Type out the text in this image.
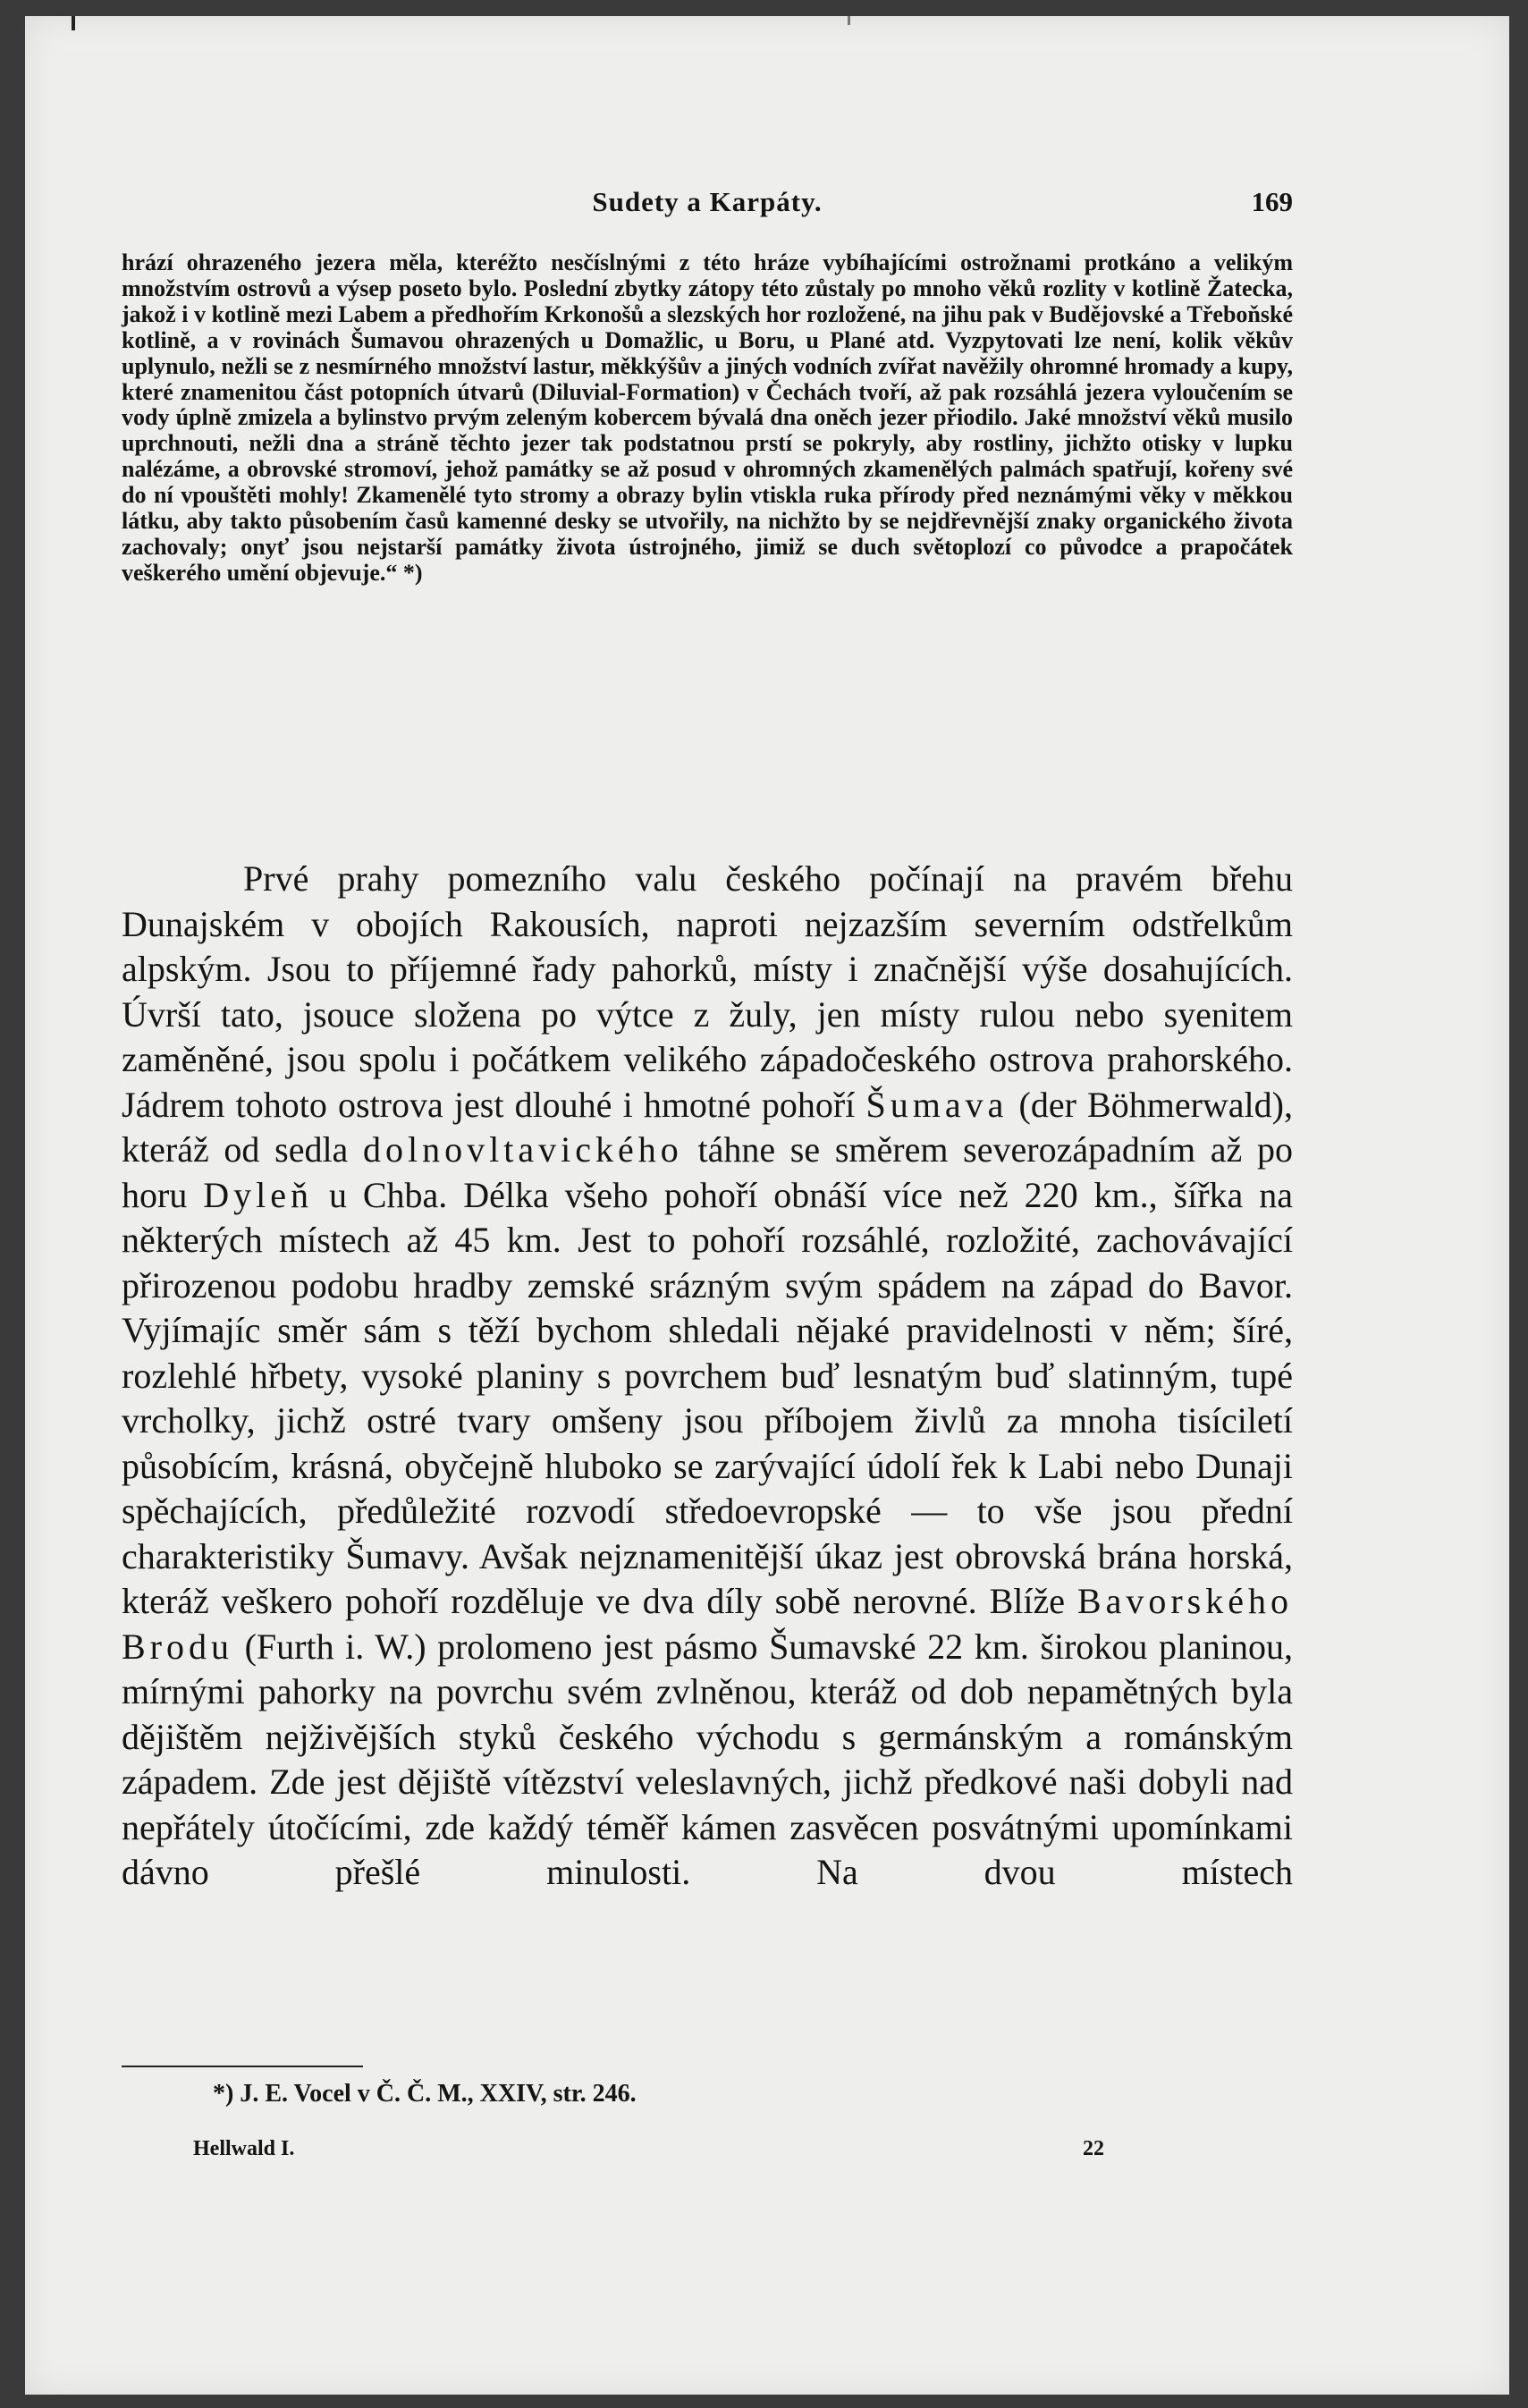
Sudety a Karpáty.	169

hrází ohrazeného jezera měla, kteréžto nesčíslnými z této hráze vybíhajícími ostrožnami protkáno a velikým množstvím ostrovů a výsep poseto bylo. Poslední zbytky zátopy této zůstaly po mnoho věků rozlity v kotlině Žatecka, jakož i v kotlině mezi Labem a předhořím Krkonošů a slezských hor rozložené, na jihu pak v Budějovské a Třeboňské kotlině, a v rovinách Šumavou ohrazených u Domažlic, u Boru, u Plané atd. Vyzpytovati lze není, kolik věkův uplynulo, nežli se z nesmírného množství lastur, měkkýšův a jiných vodních zvířat navěžily ohromné hromady a kupy, které znamenitou část potopních útvarů (Diluvial-Formation) v Čechách tvoří, až pak rozsáhlá jezera vyloučením se vody úplně zmizela a bylinstvo prvým zeleným kobercem bývalá dna oněch jezer přiodilo. Jaké množství věků musilo uprchnouti, nežli dna a stráně těchto jezer tak podstatnou prstí se pokryly, aby rostliny, jichžto otisky v lupku nalézáme, a obrovské stromoví, jehož památky se až posud v ohromných zkamenělých palmách spatřují, kořeny své do ní vpouštěti mohly! Zkamenělé tyto stromy a obrazy bylin vtiskla ruka přírody před neznámými věky v měkkou látku, aby takto působením časů kamenné desky se utvořily, na nichžto by se nejdřevnější znaky organického života zachovaly; onyť jsou nejstarší památky života ústrojného, jimiž se duch světoplozí co původce a prapočátek veškerého umění objevuje.“ *)

Prvé prahy pomezního valu českého počínají na pravém břehu Dunajském v obojích Rakousích, naproti nejzazším severním odstřelkům alpským. Jsou to příjemné řady pahorků, místy i značnější výše dosahujících. Úvrší tato, jsouce složena po výtce z žuly, jen místy rulou nebo syenitem zaměněné, jsou spolu i počátkem velikého západočeského ostrova prahorského. Jádrem tohoto ostrova jest dlouhé i hmotné pohoří Šumava (der Böhmerwald), kteráž od sedla dolnovltavického táhne se směrem severozápadním až po horu Dyleň u Chba. Délka všeho pohoří obnáší více než 220 km., šířka na některých místech až 45 km. Jest to pohoří rozsáhlé, rozložité, zachovávající přirozenou podobu hradby zemské srázným svým spádem na západ do Bavor. Vyjímajíc směr sám s těží bychom shledali nějaké pravidelnosti v něm; šíré, rozlehlé hřbety, vysoké planiny s povrchem buď lesnatým buď slatinným, tupé vrcholky, jichž ostré tvary omšeny jsou příbojem živlů za mnoha tisíciletí působícím, krásná, obyčejně hluboko se zarývající údolí řek k Labi nebo Dunaji spěchajících, předůležité rozvodí středoevropské — to vše jsou přední charakteristiky Šumavy. Avšak nejznamenitější úkaz jest obrovská brána horská, kteráž veškero pohoří rozděluje ve dva díly sobě nerovné. Blíže Bavorského Brodu (Furth i. W.) prolomeno jest pásmo Šumavské 22 km. širokou planinou, mírnými pahorky na povrchu svém zvlněnou, kteráž od dob nepamětných byla dějištěm nejživějších styků českého východu s germánským a románským západem. Zde jest dějiště vítězství veleslavných, jichž předkové naši dobyli nad nepřátely útočícími, zde každý téměř kámen zasvěcen posvátnými upomínkami dávno přešlé minulosti. Na dvou místech

*) J. E. Vocel v Č. Č. M., XXIV, str. 246.
Hellwald I.	22
